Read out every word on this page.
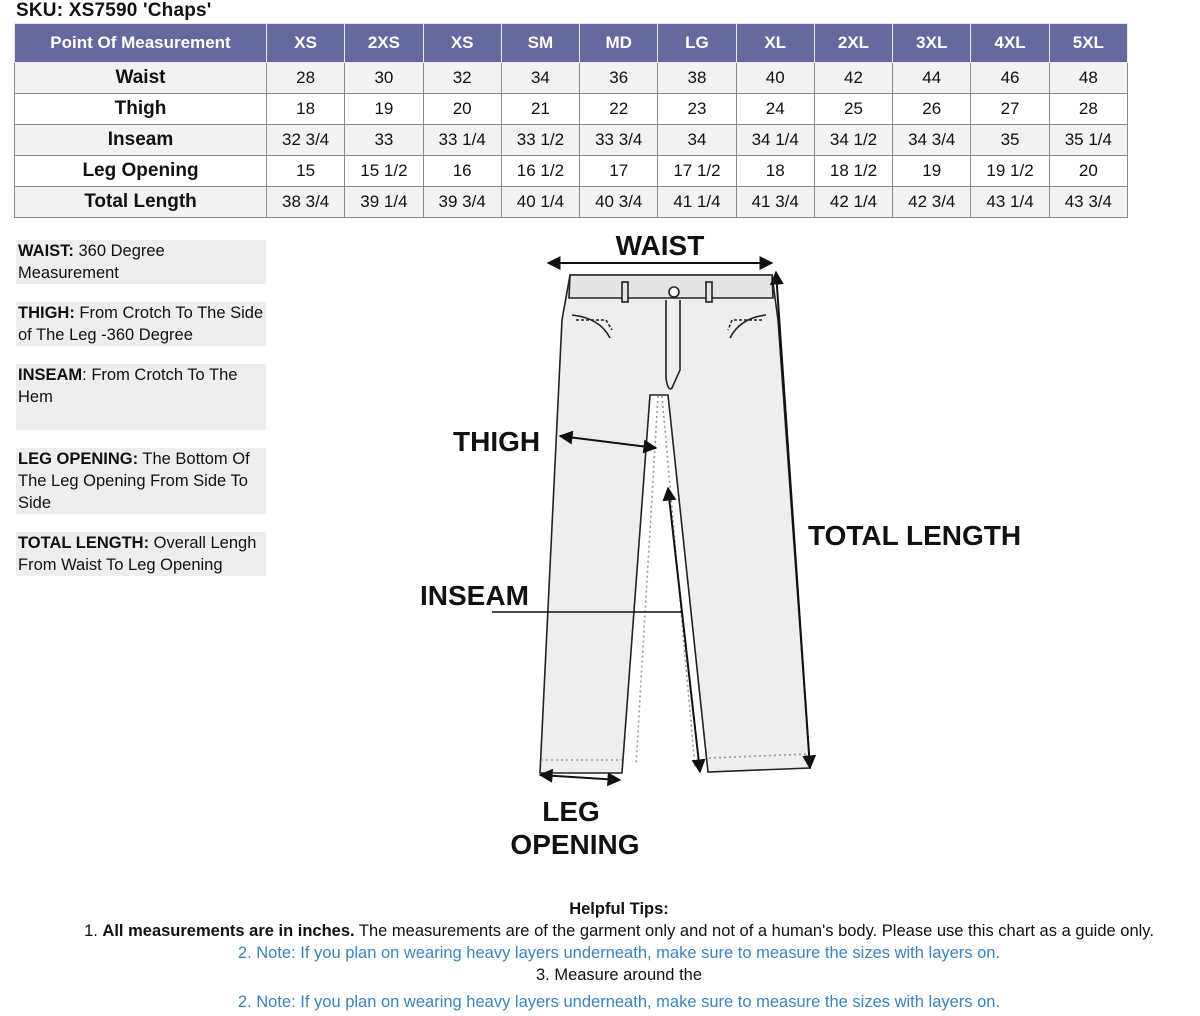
SKU: XS7590 'Chaps'
Point Of Measurement	XS	2XS	XS	SM	MD	LG	XL	2XL	3XL	4XL	5XL
Waist	28	30	32	34	36	38	40	42	44	46	48
Thigh	18	19	20	21	22	23	24	25	26	27	28
Inseam	32 3/4	33	33 1/4	33 1/2	33 3/4	34	34 1/4	34 1/2	34 3/4	35	35 1/4
Leg Opening	15	15 1/2	16	16 1/2	17	17 1/2	18	18 1/2	19	19 1/2	20
Total Length	38 3/4	39 1/4	39 3/4	40 1/4	40 3/4	41 1/4	41 3/4	42 1/4	42 3/4	43 1/4	43 3/4
WAIST: 360 Degree Measurement
THIGH: From Crotch To The Side of The Leg -360 Degree
INSEAM: From Crotch To The Hem
LEG OPENING: The Bottom Of The Leg Opening From Side To Side
TOTAL LENGTH: Overall Lengh From Waist To Leg Opening
WAIST
THIGH
INSEAM
TOTAL LENGTH
LEG
OPENING
Helpful Tips:
1. All measurements are in inches. The measurements are of the garment only and not of a human's body. Please use this chart as a guide only.
2. Note: If you plan on wearing heavy layers underneath, make sure to measure the sizes with layers on.
3. Measure around the
2. Note: If you plan on wearing heavy layers underneath, make sure to measure the sizes with layers on.
